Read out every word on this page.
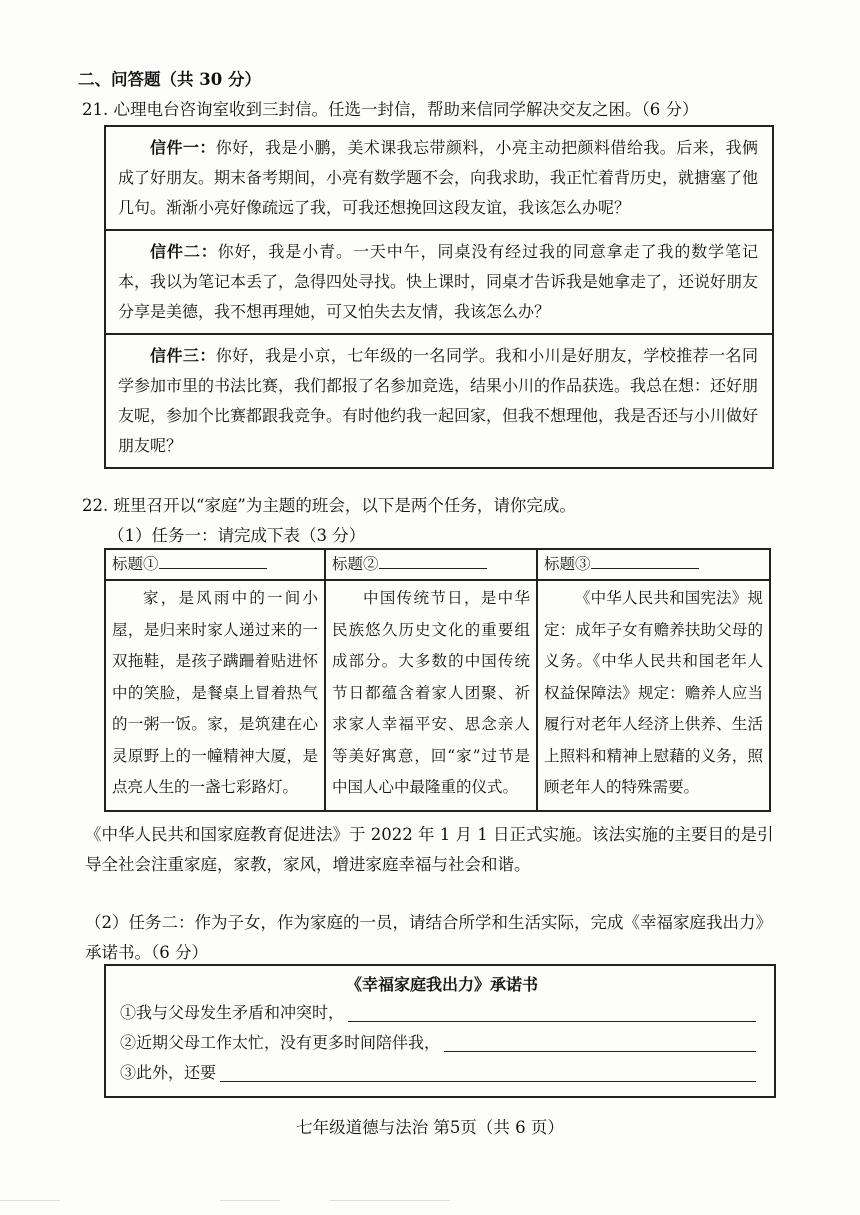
二、问答题（共 30 分）
21. 心理电台咨询室收到三封信。任选一封信，帮助来信同学解决交友之困。（6 分）
信件一：你好，我是小鹏，美术课我忘带颜料，小亮主动把颜料借给我。后来，我俩成了好朋友。期末备考期间，小亮有数学题不会，向我求助，我正忙着背历史，就搪塞了他几句。渐渐小亮好像疏远了我，可我还想挽回这段友谊，我该怎么办呢？
信件二：你好，我是小青。一天中午，同桌没有经过我的同意拿走了我的数学笔记本，我以为笔记本丢了，急得四处寻找。快上课时，同桌才告诉我是她拿走了，还说好朋友分享是美德，我不想再理她，可又怕失去友情，我该怎么办？
信件三：你好，我是小京，七年级的一名同学。我和小川是好朋友，学校推荐一名同学参加市里的书法比赛，我们都报了名参加竞选，结果小川的作品获选。我总在想：还好朋友呢，参加个比赛都跟我竞争。有时他约我一起回家，但我不想理他，我是否还与小川做好朋友呢？
22. 班里召开以“家庭”为主题的班会，以下是两个任务，请你完成。
（1）任务一：请完成下表（3 分）
标题①	标题②	标题③
家，是风雨中的一间小屋，是归来时家人递过来的一双拖鞋，是孩子蹒跚着贴进怀中的笑脸，是餐桌上冒着热气的一粥一饭。家，是筑建在心灵原野上的一幢精神大厦，是点亮人生的一盏七彩路灯。
中国传统节日，是中华民族悠久历史文化的重要组成部分。大多数的中国传统节日都蕴含着家人团聚、祈求家人幸福平安、思念亲人等美好寓意，回“家”过节是中国人心中最隆重的仪式。
《中华人民共和国宪法》规定：成年子女有赡养扶助父母的义务。《中华人民共和国老年人权益保障法》规定：赡养人应当履行对老年人经济上供养、生活上照料和精神上慰藉的义务，照顾老年人的特殊需要。
《中华人民共和国家庭教育促进法》于 2022 年 1 月 1 日正式实施。该法实施的主要目的是引导全社会注重家庭，家教，家风，增进家庭幸福与社会和谐。
（2）任务二：作为子女，作为家庭的一员，请结合所学和生活实际，完成《幸福家庭我出力》承诺书。（6 分）
《幸福家庭我出力》承诺书
①我与父母发生矛盾和冲突时，
②近期父母工作太忙，没有更多时间陪伴我，
③此外，还要
七年级道德与法治 第5页（共 6 页）
